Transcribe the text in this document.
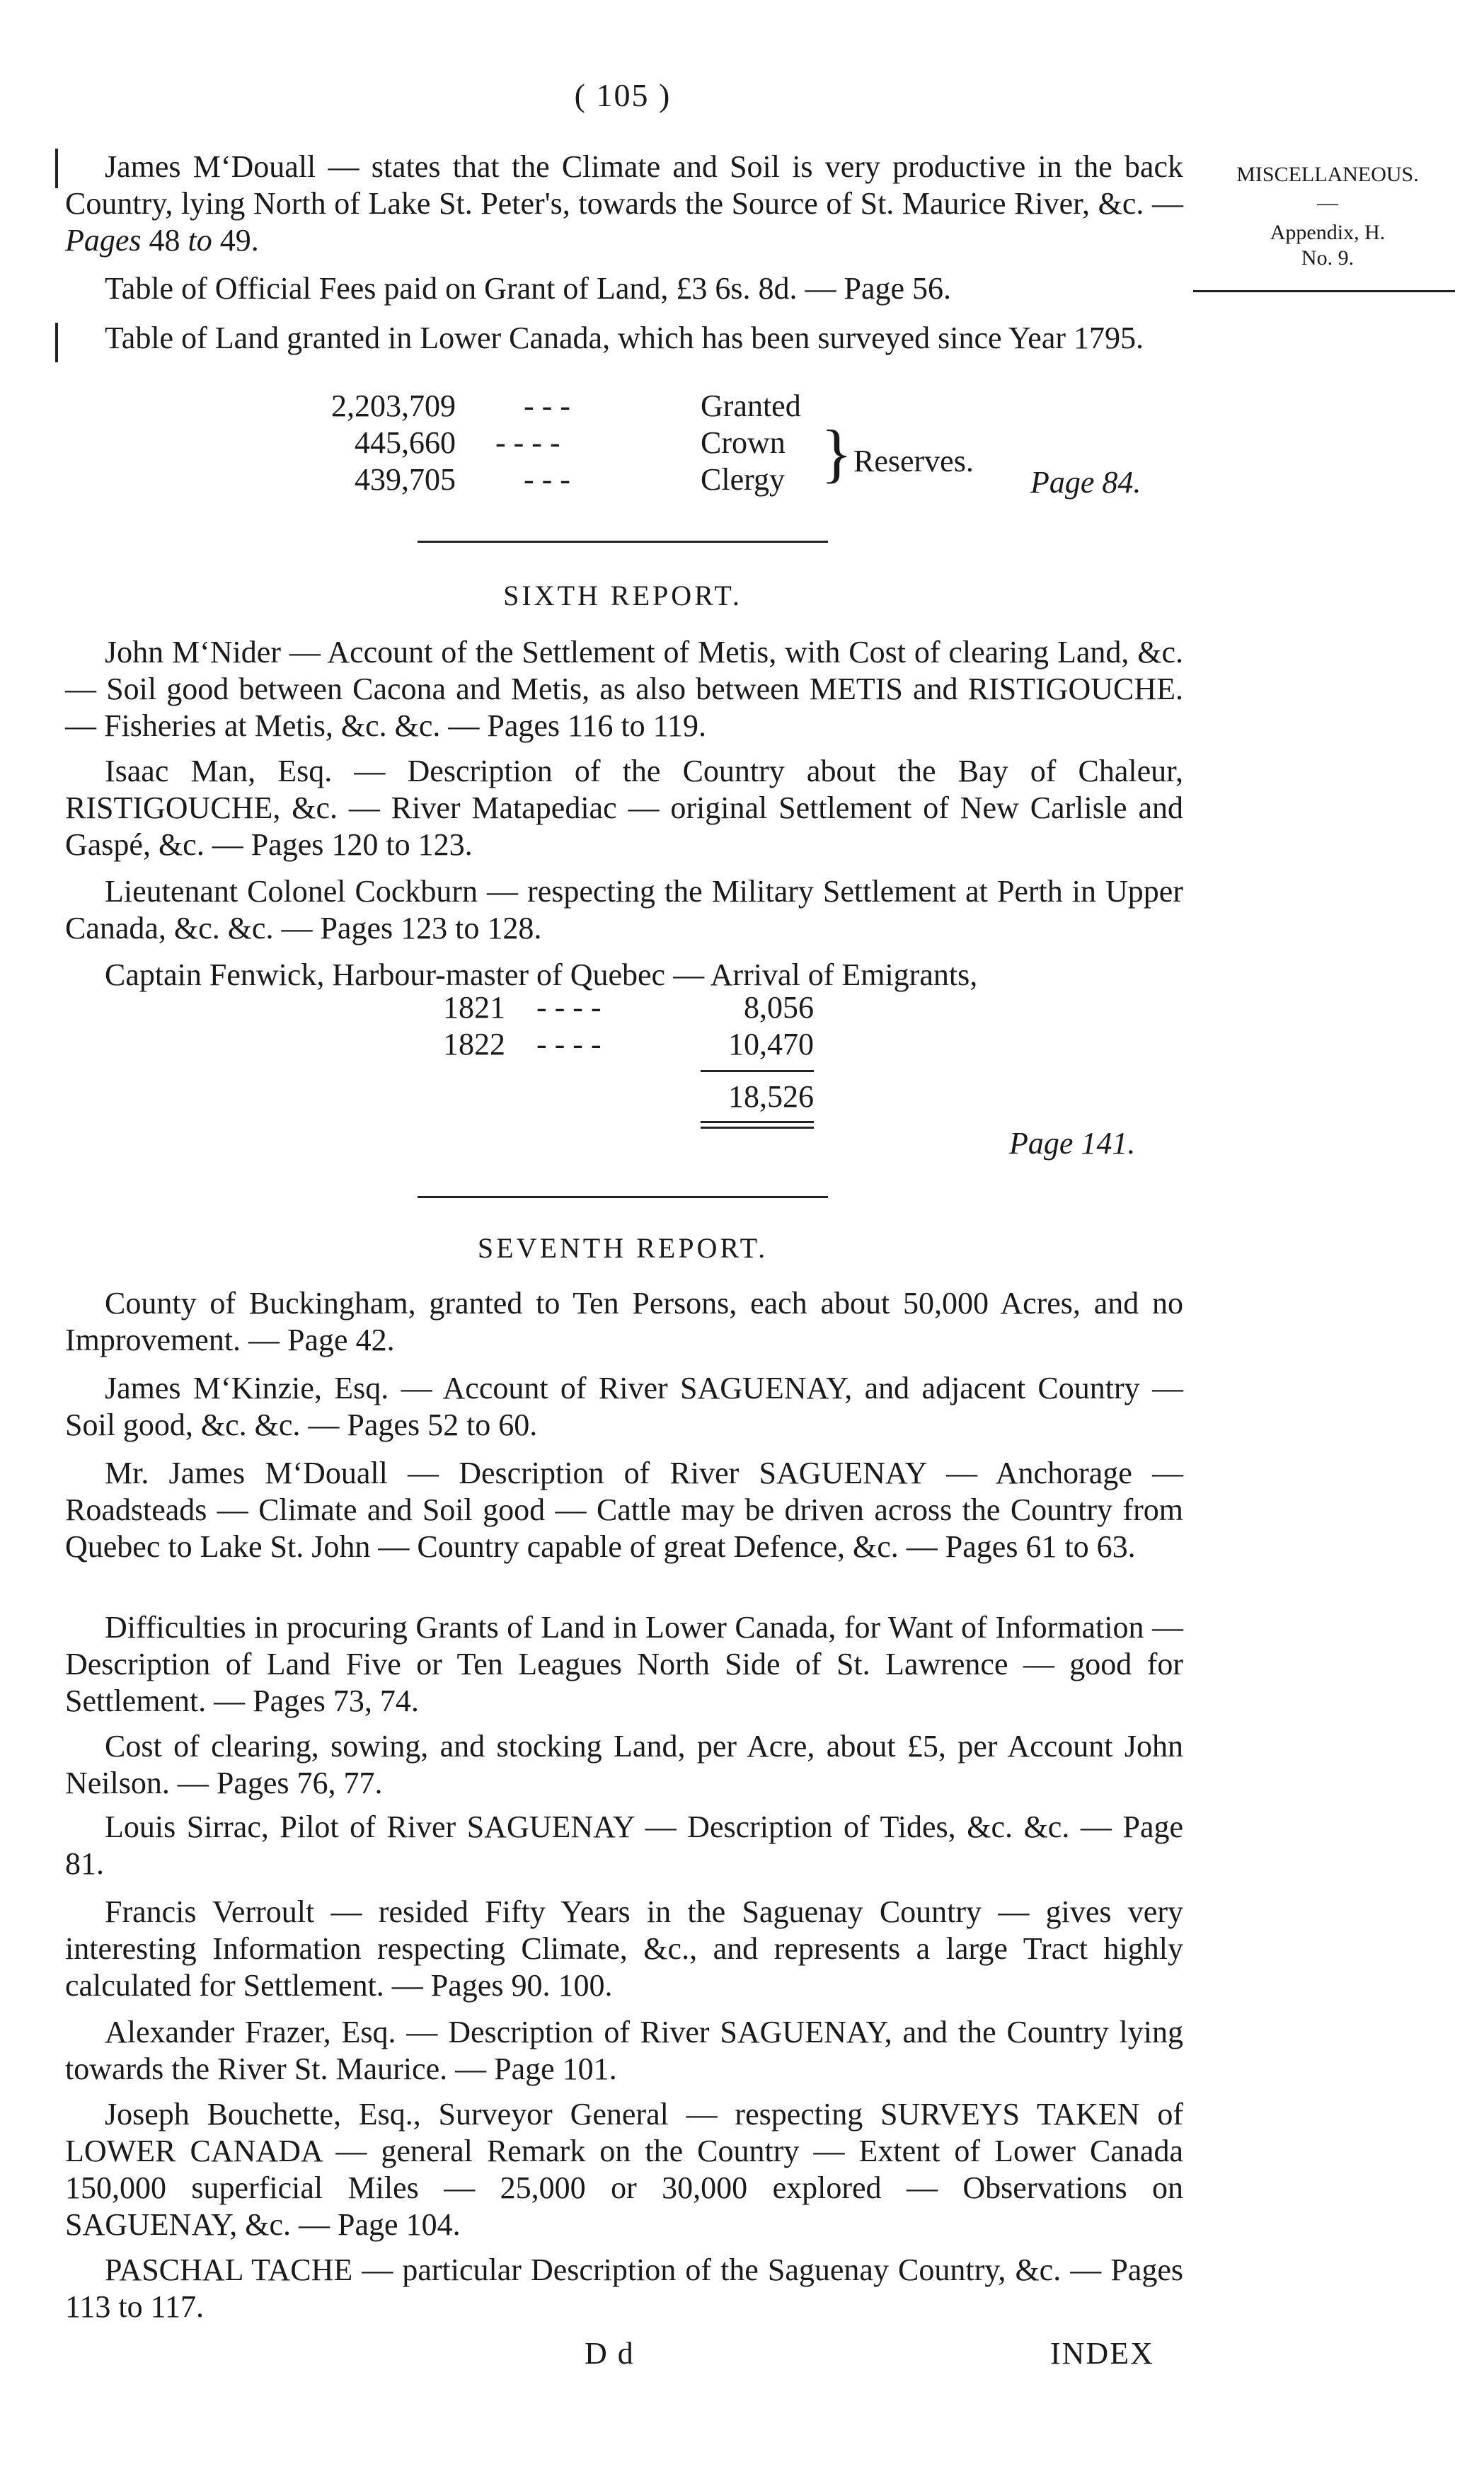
( 105 )
MISCELLANEOUS.
—
Appendix, H.
No. 9.

James M‘Douall — states that the Climate and Soil is very productive in the back Country, lying North of Lake St. Peter's, towards the Source of St. Maurice River, &c. — Pages 48 to 49.

Table of Official Fees paid on Grant of Land, £3 6s. 8d. — Page 56.

Table of Land granted in Lower Canada, which has been surveyed since Year 1795.

2,203,709 - - -	Granted
445,660 - - - -	Crown
439,705 - - -	Clergy } Reserves.
Page 84.
SIXTH REPORT.

John M‘Nider — Account of the Settlement of Metis, with Cost of clearing Land, &c. — Soil good between Cacona and Metis, as also between METIS and RISTIGOUCHE. — Fisheries at Metis, &c. &c. — Pages 116 to 119.

Isaac Man, Esq. — Description of the Country about the Bay of Chaleur, RISTIGOUCHE, &c. — River Matapediac — original Settlement of New Carlisle and Gaspé, &c. — Pages 120 to 123.

Lieutenant Colonel Cockburn — respecting the Military Settlement at Perth in Upper Canada, &c. &c. — Pages 123 to 128.

Captain Fenwick, Harbour-master of Quebec — Arrival of Emigrants,

1821 - - - -	8,056
1822 - - - -	10,470
18,526
Page 141.
SEVENTH REPORT.

County of Buckingham, granted to Ten Persons, each about 50,000 Acres, and no Improvement. — Page 42.

James M‘Kinzie, Esq. — Account of River SAGUENAY, and adjacent Country — Soil good, &c. &c. — Pages 52 to 60.

Mr. James M‘Douall — Description of River SAGUENAY — Anchorage — Roadsteads — Climate and Soil good — Cattle may be driven across the Country from Quebec to Lake St. John — Country capable of great Defence, &c. — Pages 61 to 63.

Difficulties in procuring Grants of Land in Lower Canada, for Want of Information — Description of Land Five or Ten Leagues North Side of St. Lawrence — good for Settlement. — Pages 73, 74.

Cost of clearing, sowing, and stocking Land, per Acre, about £5, per Account John Neilson. — Pages 76, 77.

Louis Sirrac, Pilot of River SAGUENAY — Description of Tides, &c. &c. — Page 81.

Francis Verroult — resided Fifty Years in the Saguenay Country — gives very interesting Information respecting Climate, &c., and represents a large Tract highly calculated for Settlement. — Pages 90. 100.

Alexander Frazer, Esq. — Description of River SAGUENAY, and the Country lying towards the River St. Maurice. — Page 101.

Joseph Bouchette, Esq., Surveyor General — respecting SURVEYS TAKEN of LOWER CANADA — general Remark on the Country — Extent of Lower Canada 150,000 superficial Miles — 25,000 or 30,000 explored — Observations on SAGUENAY, &c. — Page 104.

PASCHAL TACHE — particular Description of the Saguenay Country, &c. — Pages 113 to 117.

D d	INDEX
